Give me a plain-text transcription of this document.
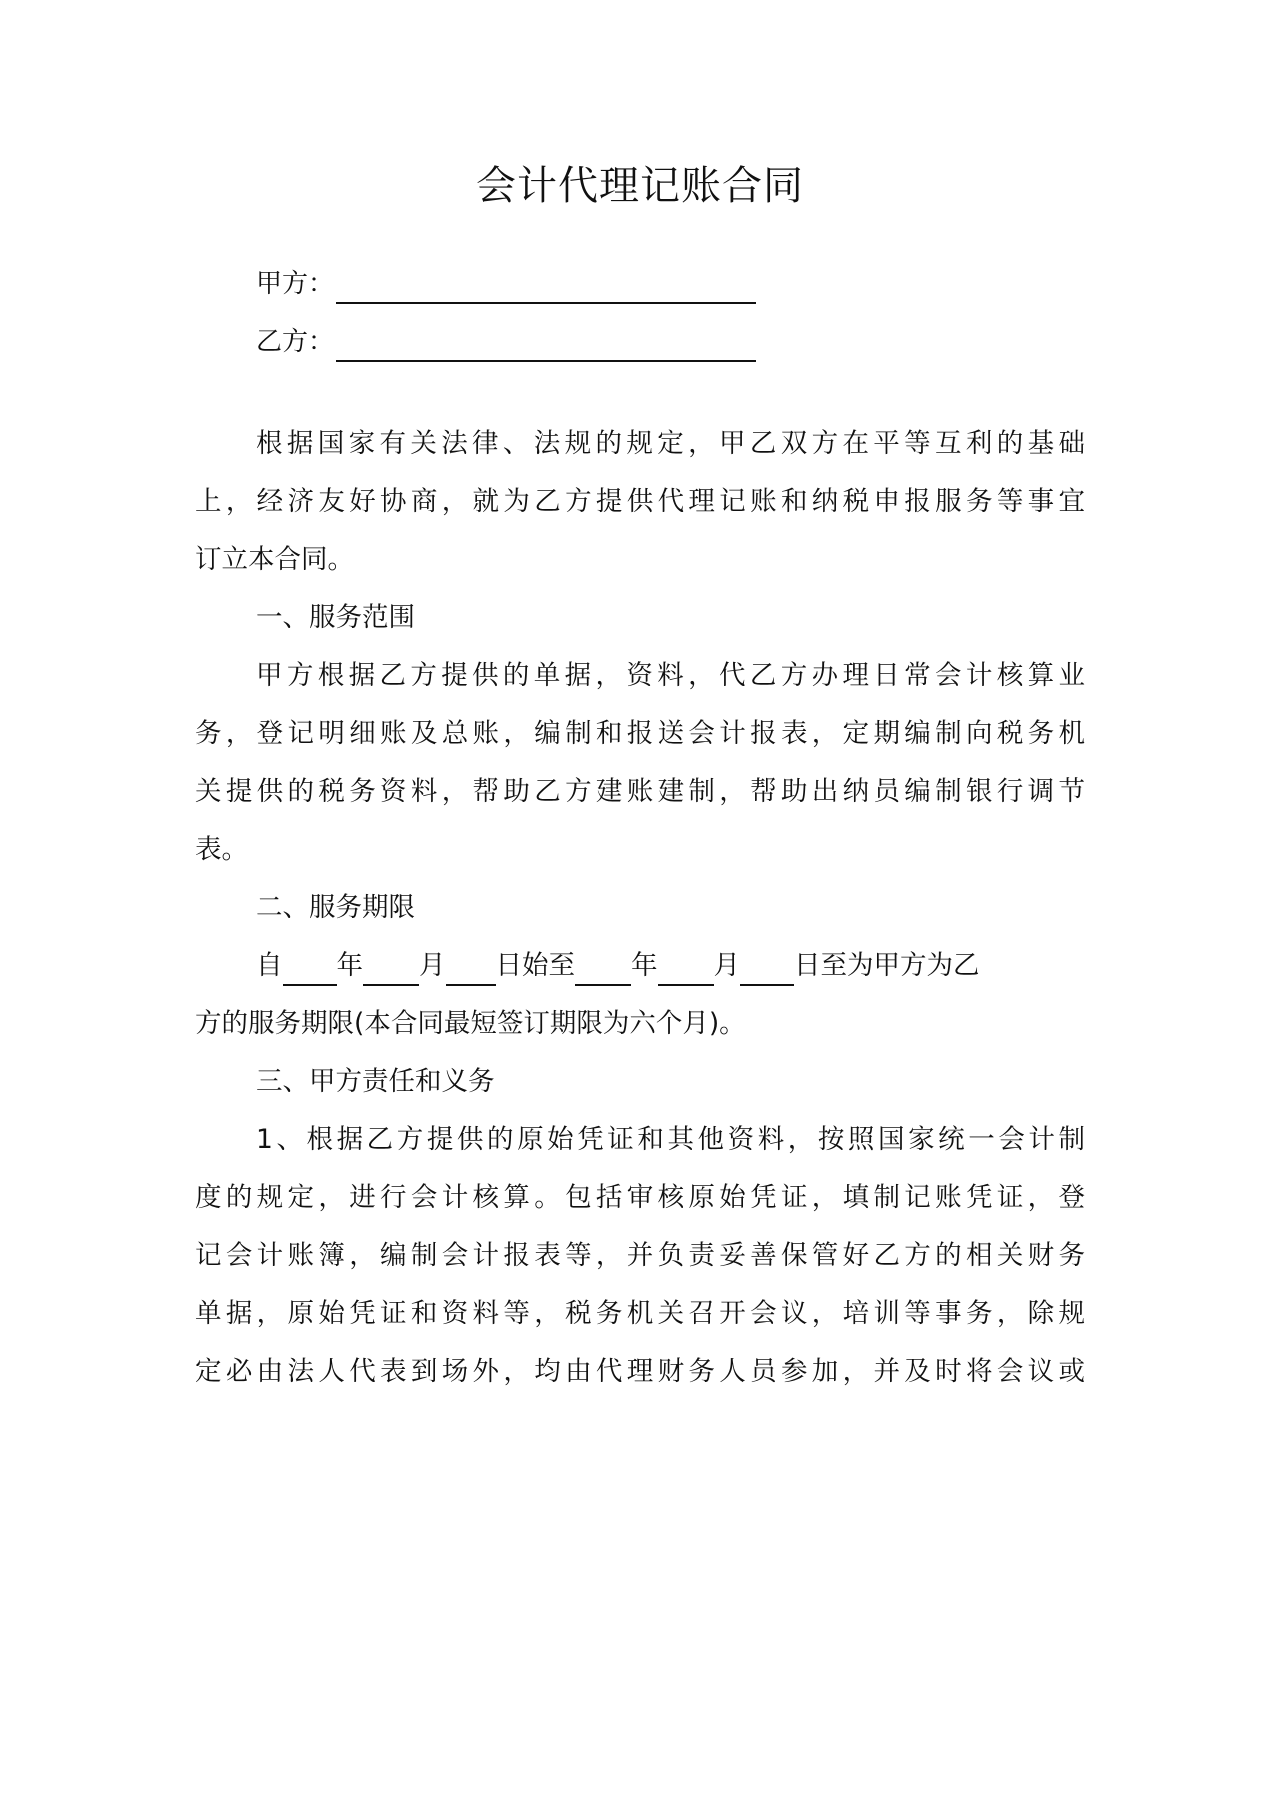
会计代理记账合同
甲方：
乙方：
根据国家有关法律、法规的规定，甲乙双方在平等互利的基础
上，经济友好协商，就为乙方提供代理记账和纳税申报服务等事宜
订立本合同。
一、服务范围
甲方根据乙方提供的单据，资料，代乙方办理日常会计核算业
务，登记明细账及总账，编制和报送会计报表，定期编制向税务机
关提供的税务资料，帮助乙方建账建制，帮助出纳员编制银行调节
表。
二、服务期限
自 年 月 日始至 年 月 日至为甲方为乙
方的服务期限(本合同最短签订期限为六个月)。
三、甲方责任和义务
1、根据乙方提供的原始凭证和其他资料，按照国家统一会计制
度的规定，进行会计核算。包括审核原始凭证，填制记账凭证，登
记会计账簿，编制会计报表等，并负责妥善保管好乙方的相关财务
单据，原始凭证和资料等，税务机关召开会议，培训等事务，除规
定必由法人代表到场外，均由代理财务人员参加，并及时将会议或
